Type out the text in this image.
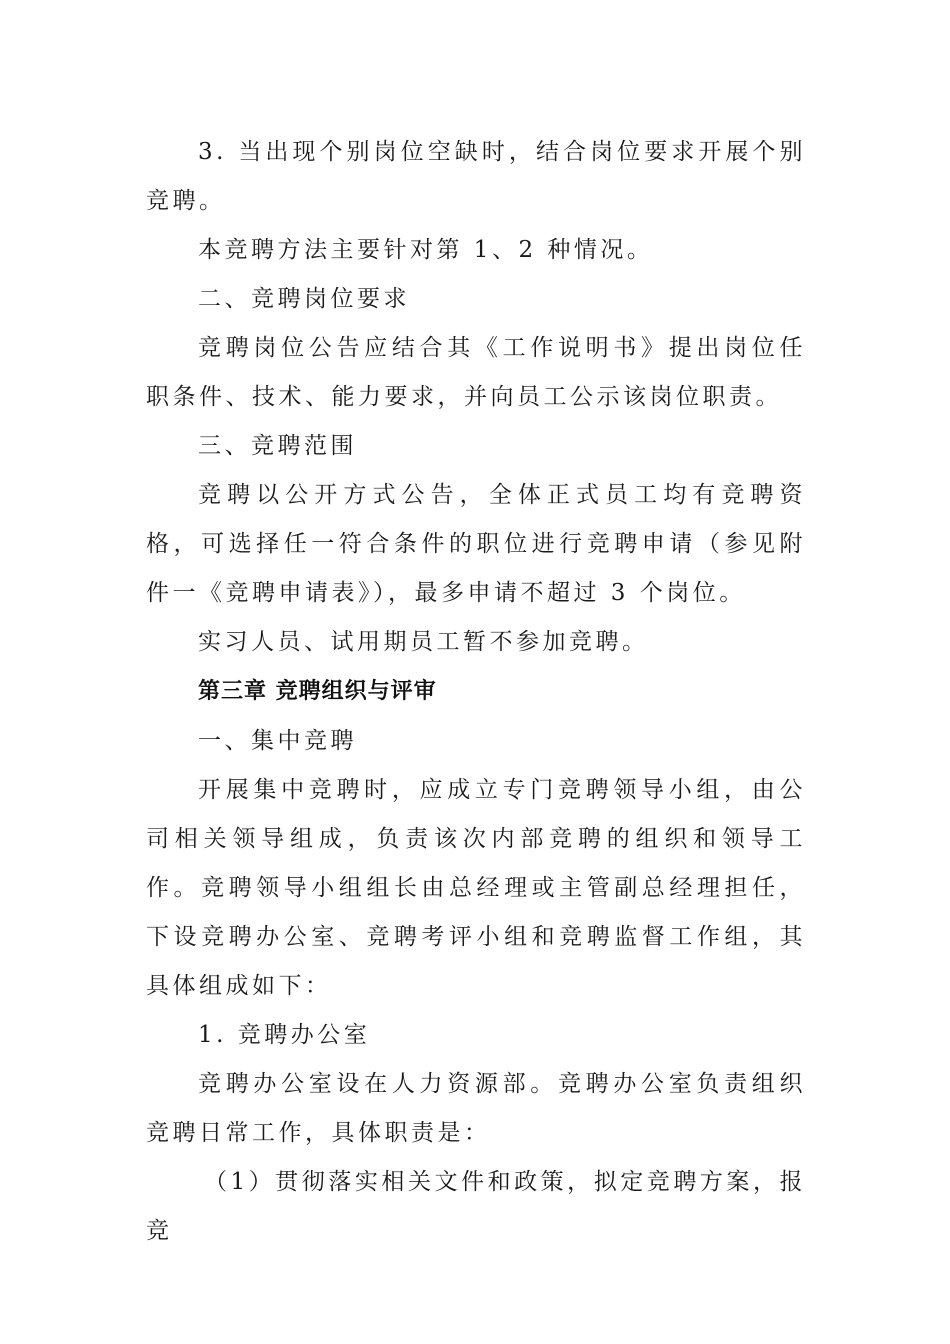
3. 当出现个别岗位空缺时，结合岗位要求开展个别竞聘。

本竞聘方法主要针对第 1、2 种情况。

二、竞聘岗位要求

竞聘岗位公告应结合其《工作说明书》提出岗位任职条件、技术、能力要求，并向员工公示该岗位职责。

三、竞聘范围

竞聘以公开方式公告，全体正式员工均有竞聘资格，可选择任一符合条件的职位进行竞聘申请（参见附件一《竞聘申请表》），最多申请不超过 3 个岗位。

实习人员、试用期员工暂不参加竞聘。

第三章 竞聘组织与评审

一、集中竞聘

开展集中竞聘时，应成立专门竞聘领导小组，由公司相关领导组成，负责该次内部竞聘的组织和领导工作。竞聘领导小组组长由总经理或主管副总经理担任，下设竞聘办公室、竞聘考评小组和竞聘监督工作组，其具体组成如下：

1. 竞聘办公室

竞聘办公室设在人力资源部。竞聘办公室负责组织竞聘日常工作，具体职责是：

（1）贯彻落实相关文件和政策，拟定竞聘方案，报竞
